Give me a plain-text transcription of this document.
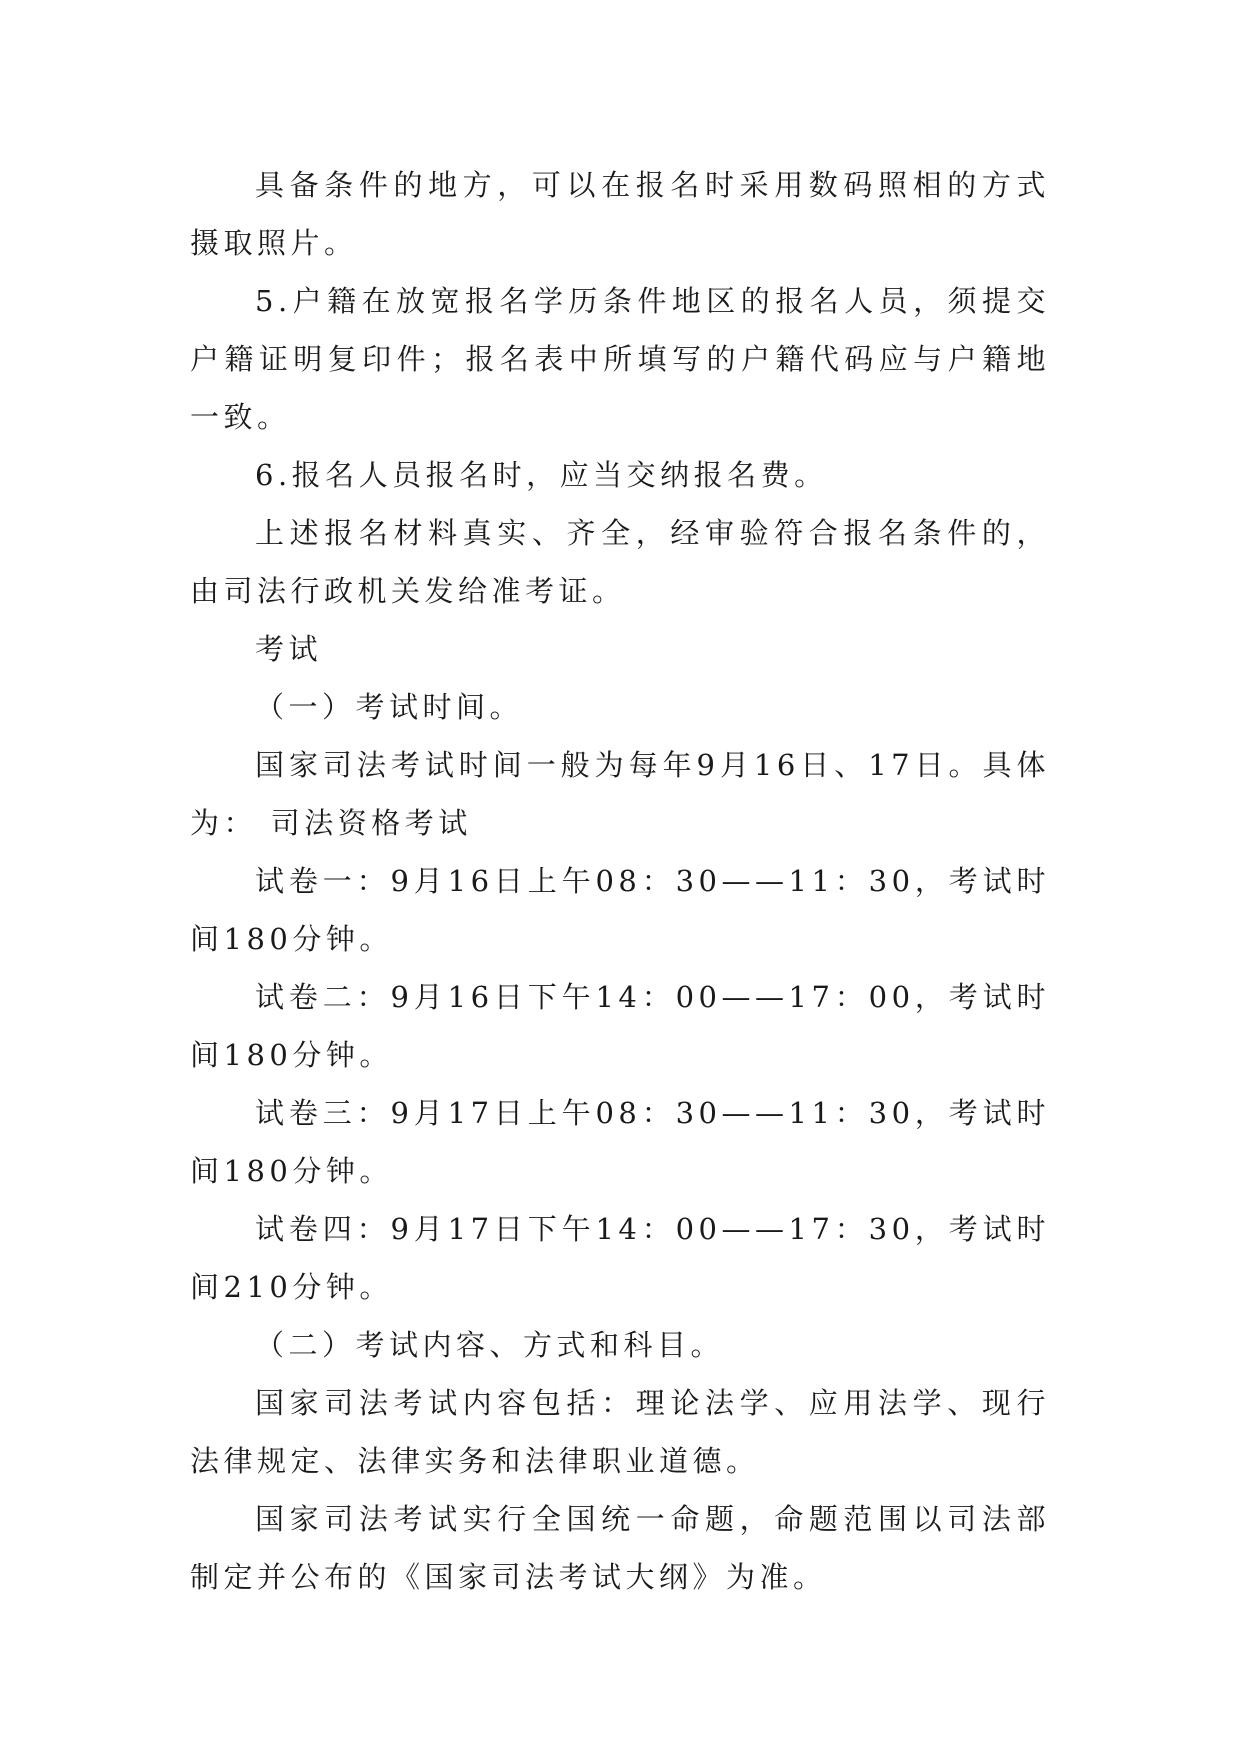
具备条件的地方，可以在报名时采用数码照相的方式摄取照片。

5.户籍在放宽报名学历条件地区的报名人员，须提交户籍证明复印件；报名表中所填写的户籍代码应与户籍地一致。

6.报名人员报名时，应当交纳报名费。

上述报名材料真实、齐全，经审验符合报名条件的，由司法行政机关发给准考证。

考试

（一）考试时间。

国家司法考试时间一般为每年9月16日、17日。具体为： 司法资格考试

试卷一：9月16日上午08：30——11：30，考试时间180分钟。

试卷二：9月16日下午14：00——17：00，考试时间180分钟。

试卷三：9月17日上午08：30——11：30，考试时间180分钟。

试卷四：9月17日下午14：00——17：30，考试时间210分钟。

（二）考试内容、方式和科目。

国家司法考试内容包括：理论法学、应用法学、现行法律规定、法律实务和法律职业道德。

国家司法考试实行全国统一命题，命题范围以司法部制定并公布的《国家司法考试大纲》为准。
